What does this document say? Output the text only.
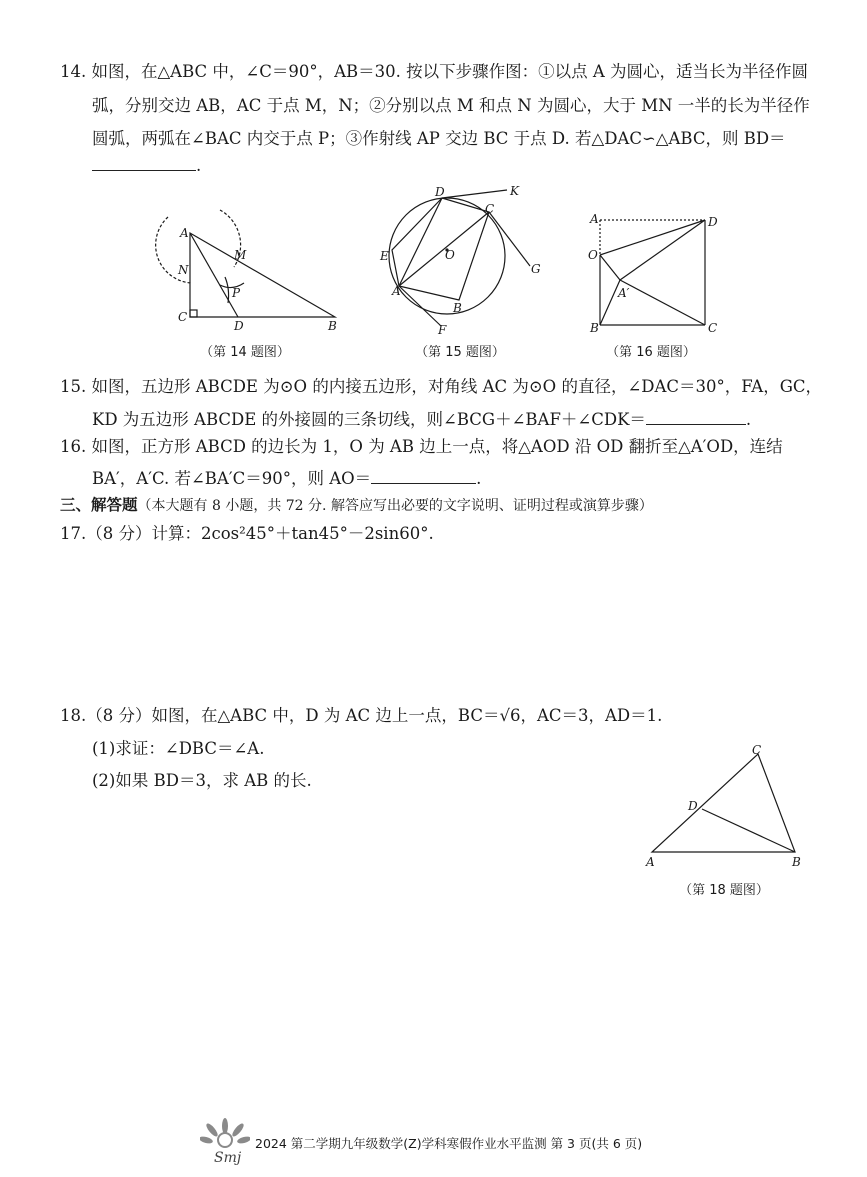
14. 如图，在△ABC 中，∠C＝90°，AB＝30. 按以下步骤作图：①以点 A 为圆心，适当长为半径作圆
弧，分别交边 AB，AC 于点 M，N；②分别以点 M 和点 N 为圆心，大于 MN 一半的长为半径作
圆弧，两弧在∠BAC 内交于点 P；③作射线 AP 交边 BC 于点 D. 若△DAC∽△ABC，则 BD＝
.
A
M
N
P
C
D	B
（第 14 题图）
D	K
C
E	O
G
A
B
F
（第 15 题图）
A	D
O
A′
B	C
（第 16 题图）
15. 如图，五边形 ABCDE 为⊙O 的内接五边形，对角线 AC 为⊙O 的直径，∠DAC＝30°，FA，GC，
KD 为五边形 ABCDE 的外接圆的三条切线，则∠BCG＋∠BAF＋∠CDK＝	.
16. 如图，正方形 ABCD 的边长为 1，O 为 AB 边上一点，将△AOD 沿 OD 翻折至△A′OD，连结
BA′，A′C. 若∠BA′C＝90°，则 AO＝	.
三、解答题（本大题有 8 小题，共 72 分. 解答应写出必要的文字说明、证明过程或演算步骤）
17.（8 分）计算：2cos²45°＋tan45°－2sin60°.
18.（8 分）如图，在△ABC 中，D 为 AC 边上一点，BC＝√6，AC＝3，AD＝1.
(1)求证：∠DBC＝∠A.
(2)如果 BD＝3，求 AB 的长.
C
D
A	B
（第 18 题图）
Smj
2024 第二学期九年级数学(Z)学科寒假作业水平监测 第 3 页(共 6 页)
